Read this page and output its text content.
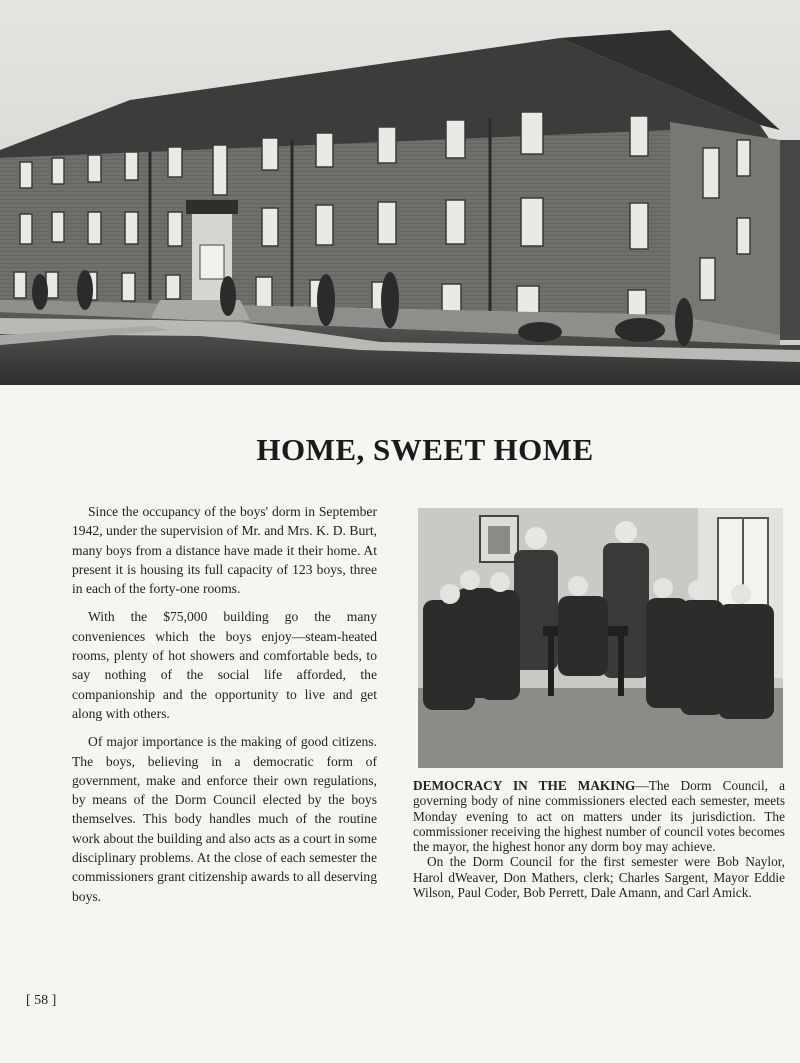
HOME, SWEET HOME

Since the occupancy of the boys' dorm in September 1942, under the supervision of Mr. and Mrs. K. D. Burt, many boys from a distance have made it their home. At present it is housing its full capacity of 123 boys, three in each of the forty-one rooms.

With the $75,000 building go the many conveniences which the boys enjoy—steam-heated rooms, plenty of hot showers and comfortable beds, to say nothing of the social life afforded, the companionship and the opportunity to live and get along with others.

Of major importance is the making of good citizens. The boys, believing in a democratic form of government, make and enforce their own regulations, by means of the Dorm Council elected by the boys themselves. This body handles much of the routine work about the building and also acts as a court in some disciplinary problems. At the close of each semester the commissioners grant citizenship awards to all deserving boys.

DEMOCRACY IN THE MAKING—The Dorm Council, a governing body of nine commissioners elected each semester, meets Monday evening to act on matters under its jurisdiction. The commissioner receiving the highest number of council votes becomes the mayor, the highest honor any dorm boy may achieve.

On the Dorm Council for the first semester were Bob Naylor, Harol dWeaver, Don Mathers, clerk; Charles Sargent, Mayor Eddie Wilson, Paul Coder, Bob Perrett, Dale Amann, and Carl Amick.

[ 58 ]
